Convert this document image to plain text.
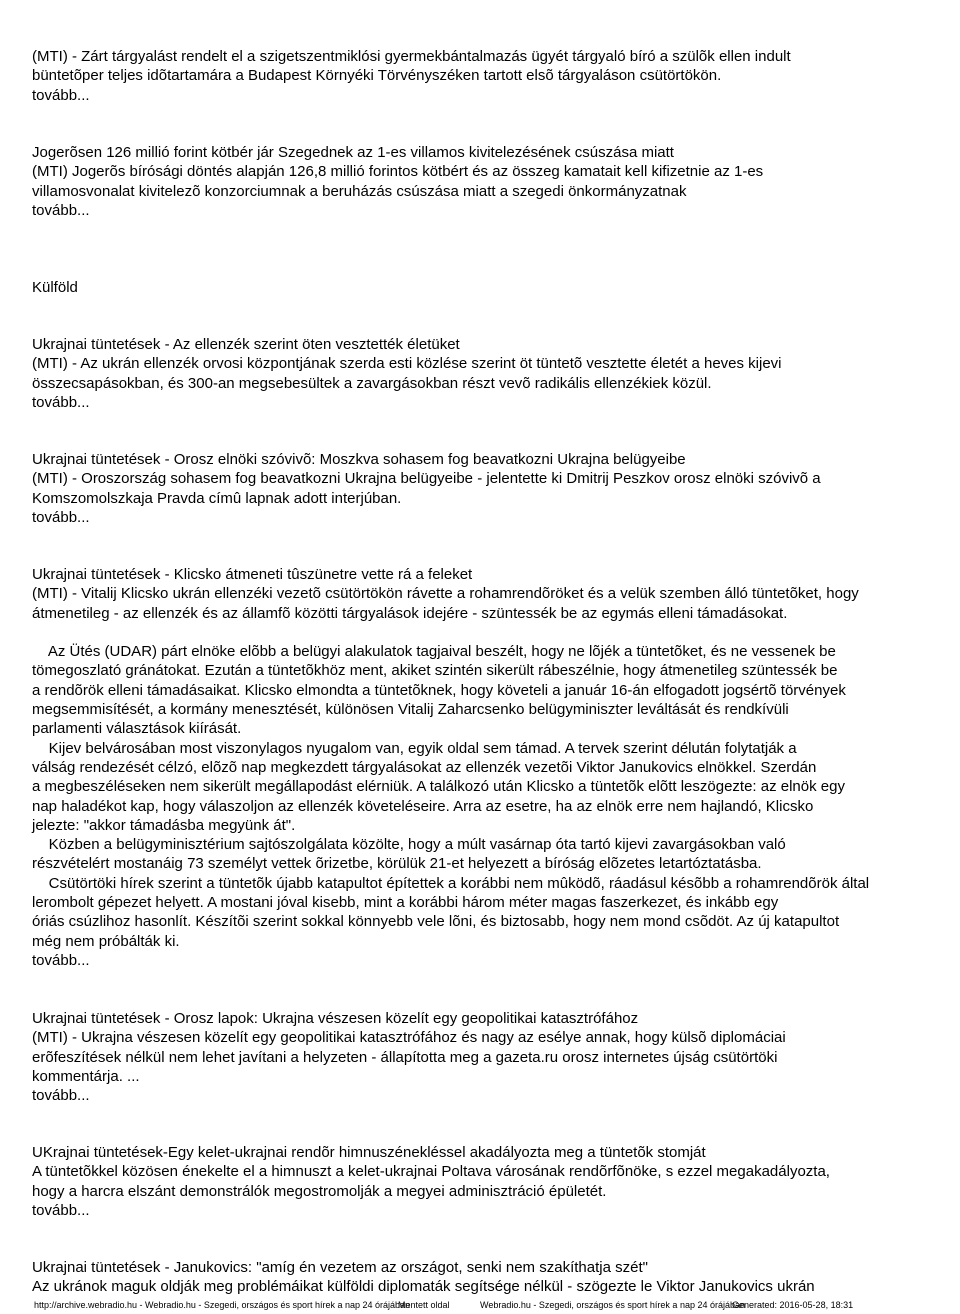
(MTI) - Zárt tárgyalást rendelt el a szigetszentmiklósi gyermekbántalmazás ügyét tárgyaló bíró a szülõk ellen indult
büntetõper teljes idõtartamára a Budapest Környéki Törvényszéken tartott elsõ tárgyaláson csütörtökön.
tovább...
Jogerõsen 126 millió forint kötbér jár Szegednek az 1-es villamos kivitelezésének csúszása miatt
(MTI) Jogerõs bírósági döntés alapján 126,8 millió forintos kötbért és az összeg kamatait kell kifizetnie az 1-es
villamosvonalat kivitelezõ konzorciumnak a beruházás csúszása miatt a szegedi önkormányzatnak
tovább...
Külföld
Ukrajnai tüntetések - Az ellenzék szerint öten vesztették életüket
(MTI) - Az ukrán ellenzék orvosi központjának szerda esti közlése szerint öt tüntetõ vesztette életét a heves kijevi
összecsapásokban, és 300-an megsebesültek a zavargásokban részt vevõ radikális ellenzékiek közül.
tovább...
Ukrajnai tüntetések - Orosz elnöki szóvivõ: Moszkva sohasem fog beavatkozni Ukrajna belügyeibe
(MTI) - Oroszország sohasem fog beavatkozni Ukrajna belügyeibe - jelentette ki Dmitrij Peszkov orosz elnöki szóvivõ a
Komszomolszkaja Pravda címû lapnak adott interjúban.
tovább...
Ukrajnai tüntetések - Klicsko átmeneti tûszünetre vette rá a feleket
(MTI) - Vitalij Klicsko ukrán ellenzéki vezetõ csütörtökön rávette a rohamrendõröket és a velük szemben álló tüntetõket, hogy
átmenetileg - az ellenzék és az államfõ közötti tárgyalások idejére - szüntessék be az egymás elleni támadásokat.
Az Ütés (UDAR) párt elnöke elõbb a belügyi alakulatok tagjaival beszélt, hogy ne lõjék a tüntetõket, és ne vessenek be
tömegoszlató gránátokat. Ezután a tüntetõkhöz ment, akiket szintén sikerült rábeszélnie, hogy átmenetileg szüntessék be
a rendõrök elleni támadásaikat. Klicsko elmondta a tüntetõknek, hogy követeli a január 16-án elfogadott jogsértõ törvények
megsemmisítését, a kormány menesztését, különösen Vitalij Zaharcsenko belügyminiszter leváltását és rendkívüli
parlamenti választások kiírását.
Kijev belvárosában most viszonylagos nyugalom van, egyik oldal sem támad. A tervek szerint délután folytatják a
válság rendezését célzó, elõzõ nap megkezdett tárgyalásokat az ellenzék vezetõi Viktor Janukovics elnökkel. Szerdán
a megbeszéléseken nem sikerült megállapodást elérniük. A találkozó után Klicsko a tüntetõk elõtt leszögezte: az elnök egy
nap haladékot kap, hogy válaszoljon az ellenzék követeléseire. Arra az esetre, ha az elnök erre nem hajlandó, Klicsko
jelezte: "akkor támadásba megyünk át".
Közben a belügyminisztérium sajtószolgálata közölte, hogy a múlt vasárnap óta tartó kijevi zavargásokban való
részvételért mostanáig 73 személyt vettek õrizetbe, körülük 21-et helyezett a bíróság elõzetes letartóztatásba.
Csütörtöki hírek szerint a tüntetõk újabb katapultot építettek a korábbi nem mûködõ, ráadásul késõbb a rohamrendõrök által
lerombolt gépezet helyett. A mostani jóval kisebb, mint a korábbi három méter magas faszerkezet, és inkább egy
óriás csúzlihoz hasonlít. Készítõi szerint sokkal könnyebb vele lõni, és biztosabb, hogy nem mond csõdöt. Az új katapultot
még nem próbálták ki.
tovább...
Ukrajnai tüntetések - Orosz lapok: Ukrajna vészesen közelít egy geopolitikai katasztrófához
(MTI) - Ukrajna vészesen közelít egy geopolitikai katasztrófához és nagy az esélye annak, hogy külsõ diplomáciai
erõfeszítések nélkül nem lehet javítani a helyzeten - állapította meg a gazeta.ru orosz internetes újság csütörtöki
kommentárja. ...
tovább...
UKrajnai tüntetések-Egy kelet-ukrajnai rendõr himnuszénekléssel akadályozta meg a tüntetõk stomját
A tüntetõkkel közösen énekelte el a himnuszt a kelet-ukrajnai Poltava városának rendõrfõnöke, s ezzel megakadályozta,
hogy a harcra elszánt demonstrálók megostromolják a megyei adminisztráció épületét.
tovább...
Ukrajnai tüntetések - Janukovics: "amíg én vezetem az országot, senki nem szakíthatja szét"
Az ukránok maguk oldják meg problémáikat külföldi diplomaták segítsége nélkül - szögezte le Viktor Janukovics ukrán
http://archive.webradio.hu - Webradio.hu - Szegedi, országos és sport hírek a nap 24 órájában
Mentett oldal	Webradio.hu - Szegedi, országos és sport hírek a nap 24 órájában
Generated: 2016-05-28, 18:31
